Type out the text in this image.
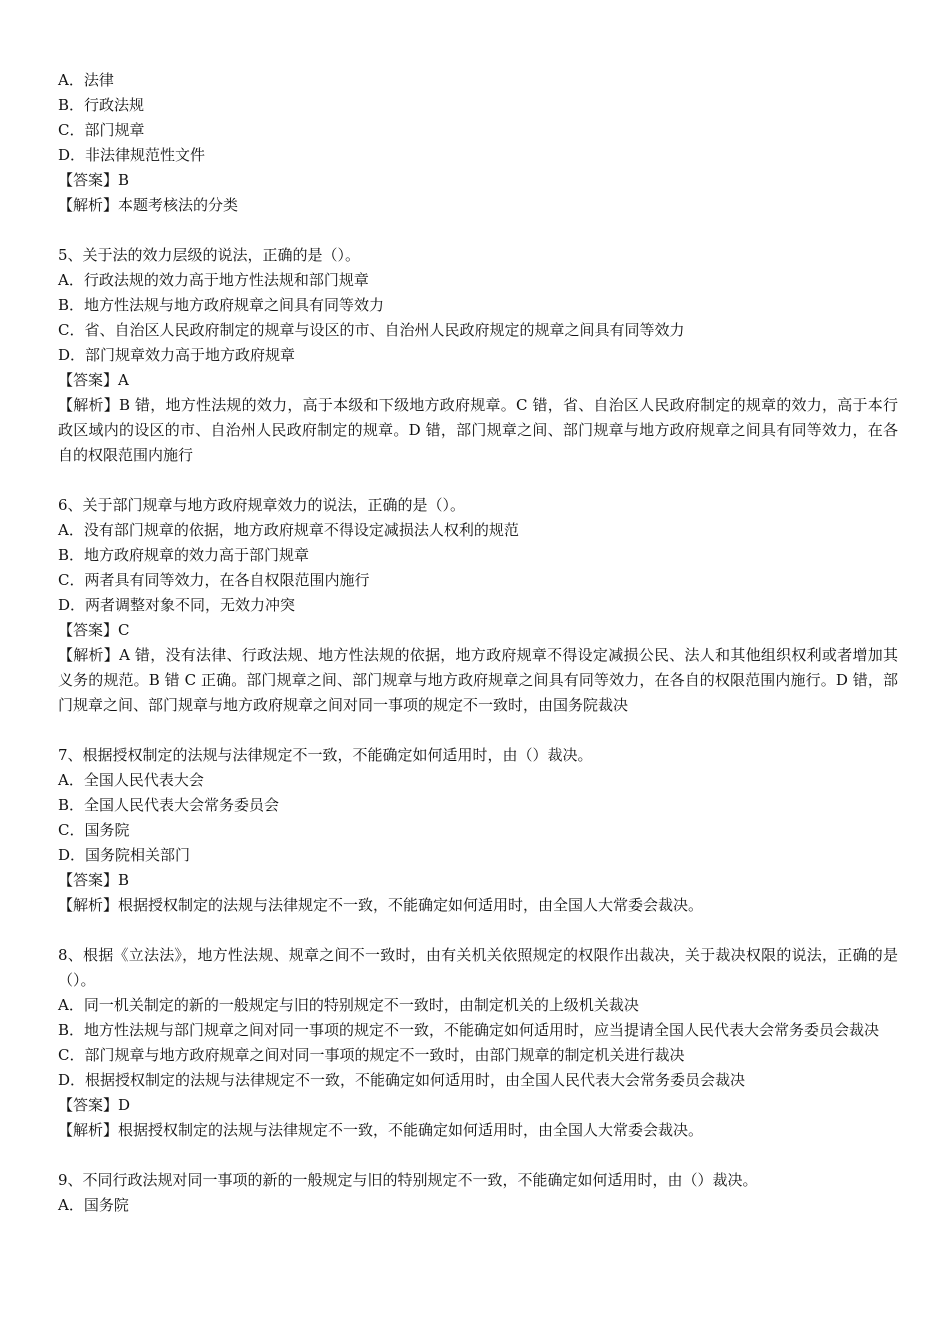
A．法律
B．行政法规
C．部门规章
D．非法律规范性文件
【答案】B
【解析】本题考核法的分类
5、关于法的效力层级的说法，正确的是（）。
A．行政法规的效力高于地方性法规和部门规章
B．地方性法规与地方政府规章之间具有同等效力
C．省、自治区人民政府制定的规章与设区的市、自治州人民政府规定的规章之间具有同等效力
D．部门规章效力高于地方政府规章
【答案】A
【解析】B 错，地方性法规的效力，高于本级和下级地方政府规章。C 错，省、自治区人民政府制定的规章的效力，高于本行政区域内的设区的市、自治州人民政府制定的规章。D 错，部门规章之间、部门规章与地方政府规章之间具有同等效力，在各自的权限范围内施行
6、关于部门规章与地方政府规章效力的说法，正确的是（）。
A．没有部门规章的依据，地方政府规章不得设定减损法人权利的规范
B．地方政府规章的效力高于部门规章
C．两者具有同等效力，在各自权限范围内施行
D．两者调整对象不同，无效力冲突
【答案】C
【解析】A 错，没有法律、行政法规、地方性法规的依据，地方政府规章不得设定减损公民、法人和其他组织权利或者增加其义务的规范。B 错 C 正确。部门规章之间、部门规章与地方政府规章之间具有同等效力，在各自的权限范围内施行。D 错，部门规章之间、部门规章与地方政府规章之间对同一事项的规定不一致时，由国务院裁决
7、根据授权制定的法规与法律规定不一致，不能确定如何适用时，由（）裁决。
A．全国人民代表大会
B．全国人民代表大会常务委员会
C．国务院
D．国务院相关部门
【答案】B
【解析】根据授权制定的法规与法律规定不一致，不能确定如何适用时，由全国人大常委会裁决。
8、根据《立法法》，地方性法规、规章之间不一致时，由有关机关依照规定的权限作出裁决，关于裁决权限的说法，正确的是（）。
A．同一机关制定的新的一般规定与旧的特别规定不一致时，由制定机关的上级机关裁决
B．地方性法规与部门规章之间对同一事项的规定不一致，不能确定如何适用时，应当提请全国人民代表大会常务委员会裁决
C．部门规章与地方政府规章之间对同一事项的规定不一致时，由部门规章的制定机关进行裁决
D．根据授权制定的法规与法律规定不一致，不能确定如何适用时，由全国人民代表大会常务委员会裁决
【答案】D
【解析】根据授权制定的法规与法律规定不一致，不能确定如何适用时，由全国人大常委会裁决。
9、不同行政法规对同一事项的新的一般规定与旧的特别规定不一致，不能确定如何适用时，由（）裁决。
A．国务院
